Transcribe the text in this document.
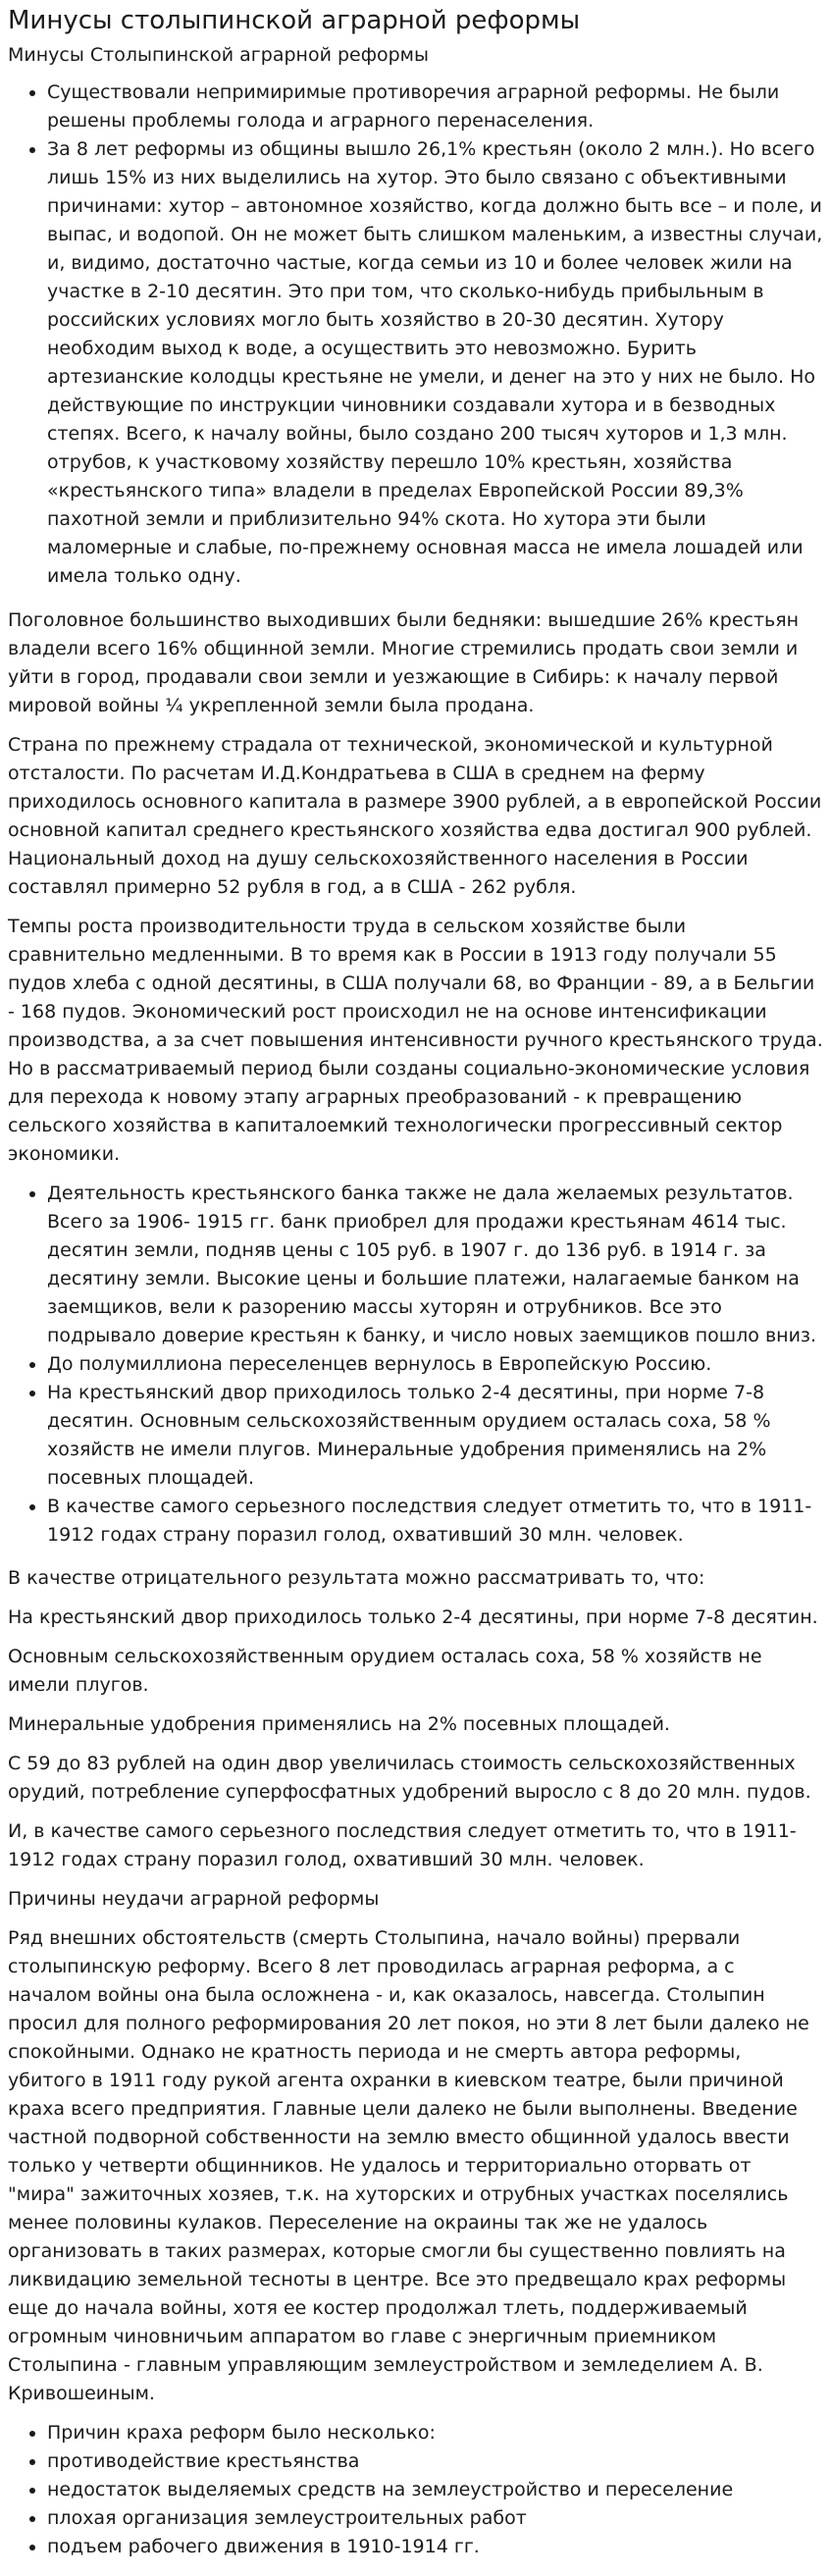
Минусы столыпинской аграрной реформы

Минусы Столыпинской аграрной реформы

• Существовали непримиримые противоречия аграрной реформы. Не были решены проблемы голода и аграрного перенаселения.
• За 8 лет реформы из общины вышло 26,1% крестьян (около 2 млн.). Но всего лишь 15% из них выделились на хутор. Это было связано с объективными причинами: хутор – автономное хозяйство, когда должно быть все – и поле, и выпас, и водопой. Он не может быть слишком маленьким, а известны случаи, и, видимо, достаточно частые, когда семьи из 10 и более человек жили на участке в 2-10 десятин. Это при том, что сколько-нибудь прибыльным в российских условиях могло быть хозяйство в 20-30 десятин. Хутору необходим выход к воде, а осуществить это невозможно. Бурить артезианские колодцы крестьяне не умели, и денег на это у них не было. Но действующие по инструкции чиновники создавали хутора и в безводных степях. Всего, к началу войны, было создано 200 тысяч хуторов и 1,3 млн. отрубов, к участковому хозяйству перешло 10% крестьян, хозяйства «крестьянского типа» владели в пределах Европейской России 89,3% пахотной земли и приблизительно 94% скота. Но хутора эти были маломерные и слабые, по-прежнему основная масса не имела лошадей или имела только одну.

Поголовное большинство выходивших были бедняки: вышедшие 26% крестьян владели всего 16% общинной земли. Многие стремились продать свои земли и уйти в город, продавали свои земли и уезжающие в Сибирь: к началу первой мировой войны ¼ укрепленной земли была продана.

Страна по прежнему страдала от технической, экономической и культурной отсталости. По расчетам И.Д.Кондратьева в США в среднем на ферму приходилось основного капитала в размере 3900 рублей, а в европейской России основной капитал среднего крестьянского хозяйства едва достигал 900 рублей. Национальный доход на душу сельскохозяйственного населения в России составлял примерно 52 рубля в год, а в США - 262 рубля.

Темпы роста производительности труда в сельском хозяйстве были сравнительно медленными. В то время как в России в 1913 году получали 55 пудов хлеба с одной десятины, в США получали 68, во Франции - 89, а в Бельгии - 168 пудов. Экономический рост происходил не на основе интенсификации производства, а за счет повышения интенсивности ручного крестьянского труда. Но в рассматриваемый период были созданы социально-экономические условия для перехода к новому этапу аграрных преобразований - к превращению сельского хозяйства в капиталоемкий технологически прогрессивный сектор экономики.

• Деятельность крестьянского банка также не дала желаемых результатов. Всего за 1906- 1915 гг. банк приобрел для продажи крестьянам 4614 тыс. десятин земли, подняв цены с 105 руб. в 1907 г. до 136 руб. в 1914 г. за десятину земли. Высокие цены и большие платежи, налагаемые банком на заемщиков, вели к разорению массы хуторян и отрубников. Все это подрывало доверие крестьян к банку, и число новых заемщиков пошло вниз.
• До полумиллиона переселенцев вернулось в Европейскую Россию.
• На крестьянский двор приходилось только 2-4 десятины, при норме 7-8 десятин. Основным сельскохозяйственным орудием осталась соха, 58 % хозяйств не имели плугов. Минеральные удобрения применялись на 2% посевных площадей.
• В качестве самого серьезного последствия следует отметить то, что в 1911-1912 годах страну поразил голод, охвативший 30 млн. человек.

В качестве отрицательного результата можно рассматривать то, что:

На крестьянский двор приходилось только 2-4 десятины, при норме 7-8 десятин.

Основным сельскохозяйственным орудием осталась соха, 58 % хозяйств не имели плугов.

Минеральные удобрения применялись на 2% посевных площадей.

С 59 до 83 рублей на один двор увеличилась стоимость сельскохозяйственных орудий, потребление суперфосфатных удобрений выросло с 8 до 20 млн. пудов.

И, в качестве самого серьезного последствия следует отметить то, что в 1911-1912 годах страну поразил голод, охвативший 30 млн. человек.

Причины неудачи аграрной реформы

Ряд внешних обстоятельств (смерть Столыпина, начало войны) прервали столыпинскую реформу. Всего 8 лет проводилась аграрная реформа, а с началом войны она была осложнена - и, как оказалось, навсегда. Столыпин просил для полного реформирования 20 лет покоя, но эти 8 лет были далеко не спокойными. Однако не кратность периода и не смерть автора реформы, убитого в 1911 году рукой агента охранки в киевском театре, были причиной краха всего предприятия. Главные цели далеко не были выполнены. Введение частной подворной собственности на землю вместо общинной удалось ввести только у четверти общинников. Не удалось и территориально оторвать от "мира" зажиточных хозяев, т.к. на хуторских и отрубных участках поселялись менее половины кулаков. Переселение на окраины так же не удалось организовать в таких размерах, которые смогли бы существенно повлиять на ликвидацию земельной тесноты в центре. Все это предвещало крах реформы еще до начала войны, хотя ее костер продолжал тлеть, поддерживаемый огромным чиновничьим аппаратом во главе с энергичным приемником Столыпина - главным управляющим землеустройством и земледелием А. В. Кривошеиным.

• Причин краха реформ было несколько:
• противодействие крестьянства
• недостаток выделяемых средств на землеустройство и переселение
• плохая организация землеустроительных работ
• подъем рабочего движения в 1910-1914 гг.
